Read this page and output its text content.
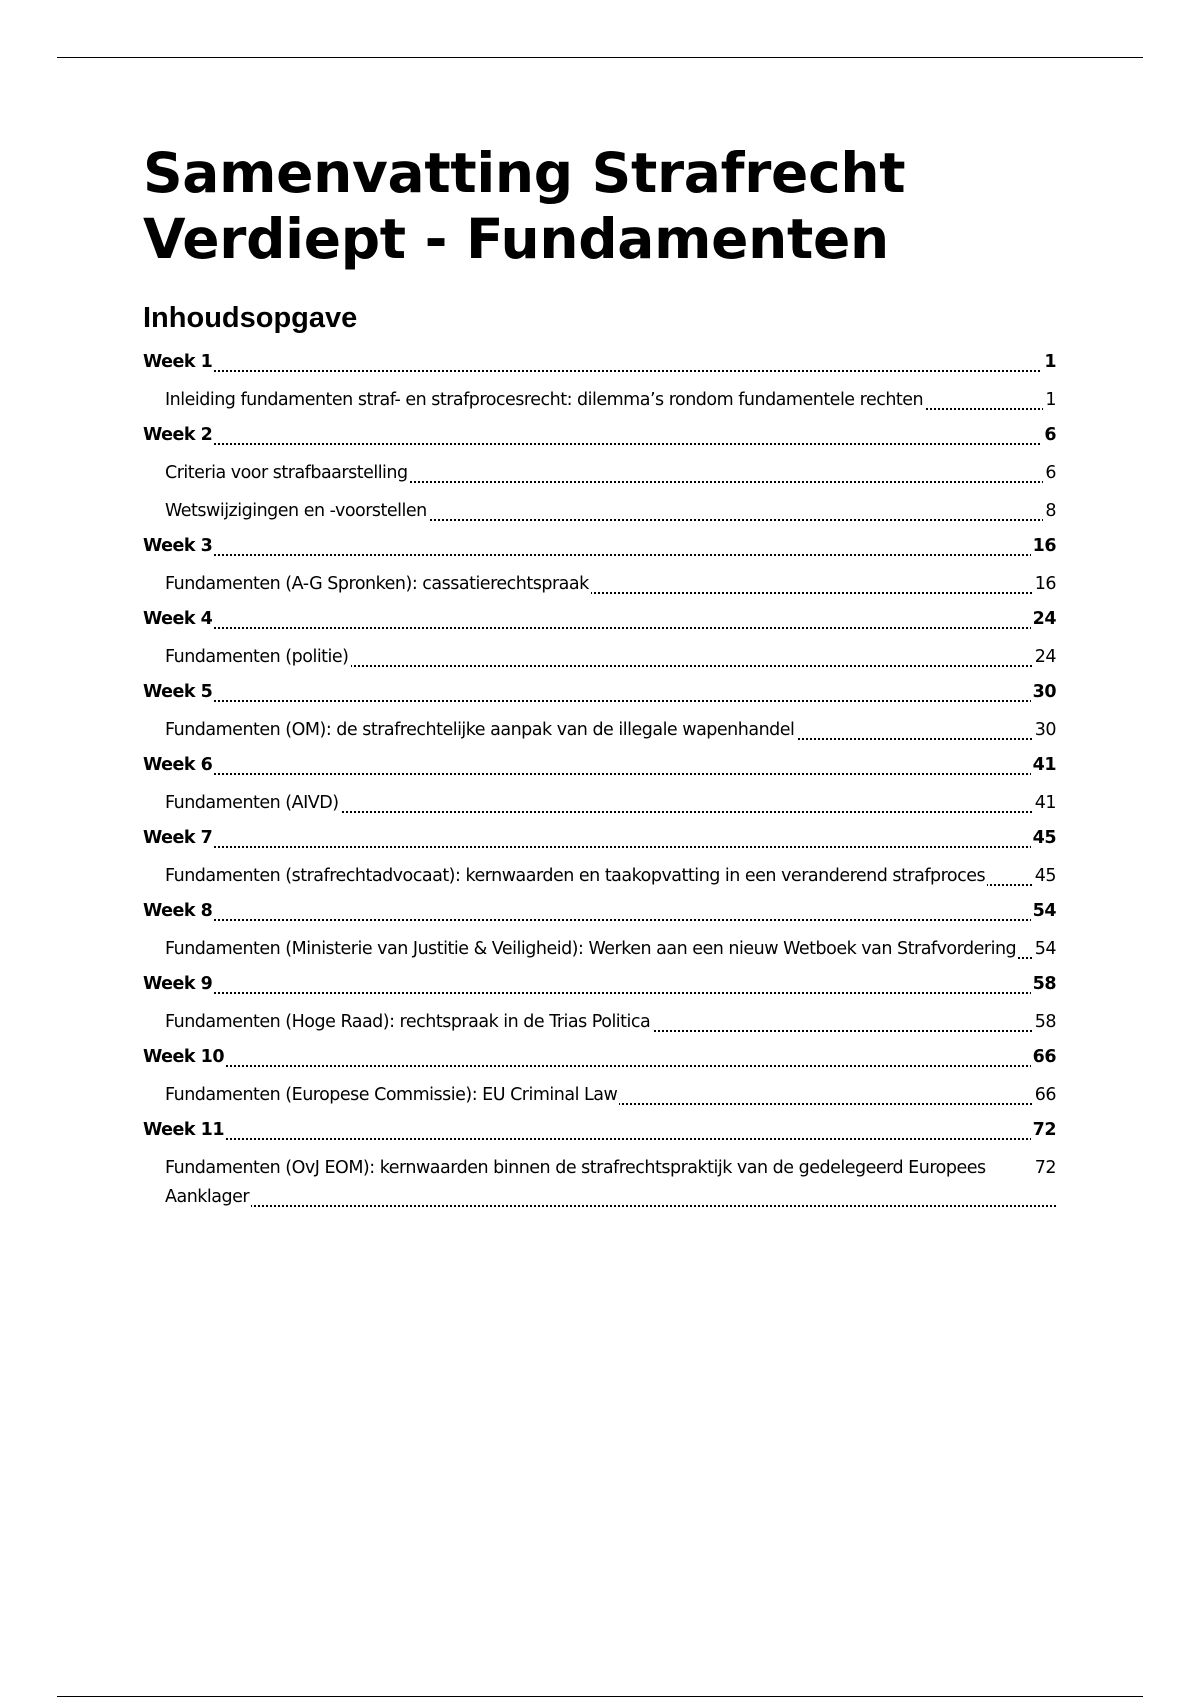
Samenvatting Strafrecht
Verdiept - Fundamenten
Inhoudsopgave
1
Week 1
1
Inleiding fundamenten straf- en strafprocesrecht: dilemma’s rondom fundamentele rechten
6
Week 2
6
Criteria voor strafbaarstelling
8
Wetswijzigingen en -voorstellen
16
Week 3
16
Fundamenten (A-G Spronken): cassatierechtspraak
24
Week 4
24
Fundamenten (politie)
30
Week 5
30
Fundamenten (OM): de strafrechtelijke aanpak van de illegale wapenhandel
41
Week 6
41
Fundamenten (AIVD)
45
Week 7
45
Fundamenten (strafrechtadvocaat): kernwaarden en taakopvatting in een veranderend strafproces
54
Week 8
54
Fundamenten (Ministerie van Justitie & Veiligheid): Werken aan een nieuw Wetboek van Strafvordering
58
Week 9
58
Fundamenten (Hoge Raad): rechtspraak in de Trias Politica
66
Week 10
66
Fundamenten (Europese Commissie): EU Criminal Law
72
Week 11
72
Fundamenten (OvJ EOM): kernwaarden binnen de strafrechtspraktijk van de gedelegeerd Europees Aanklager
